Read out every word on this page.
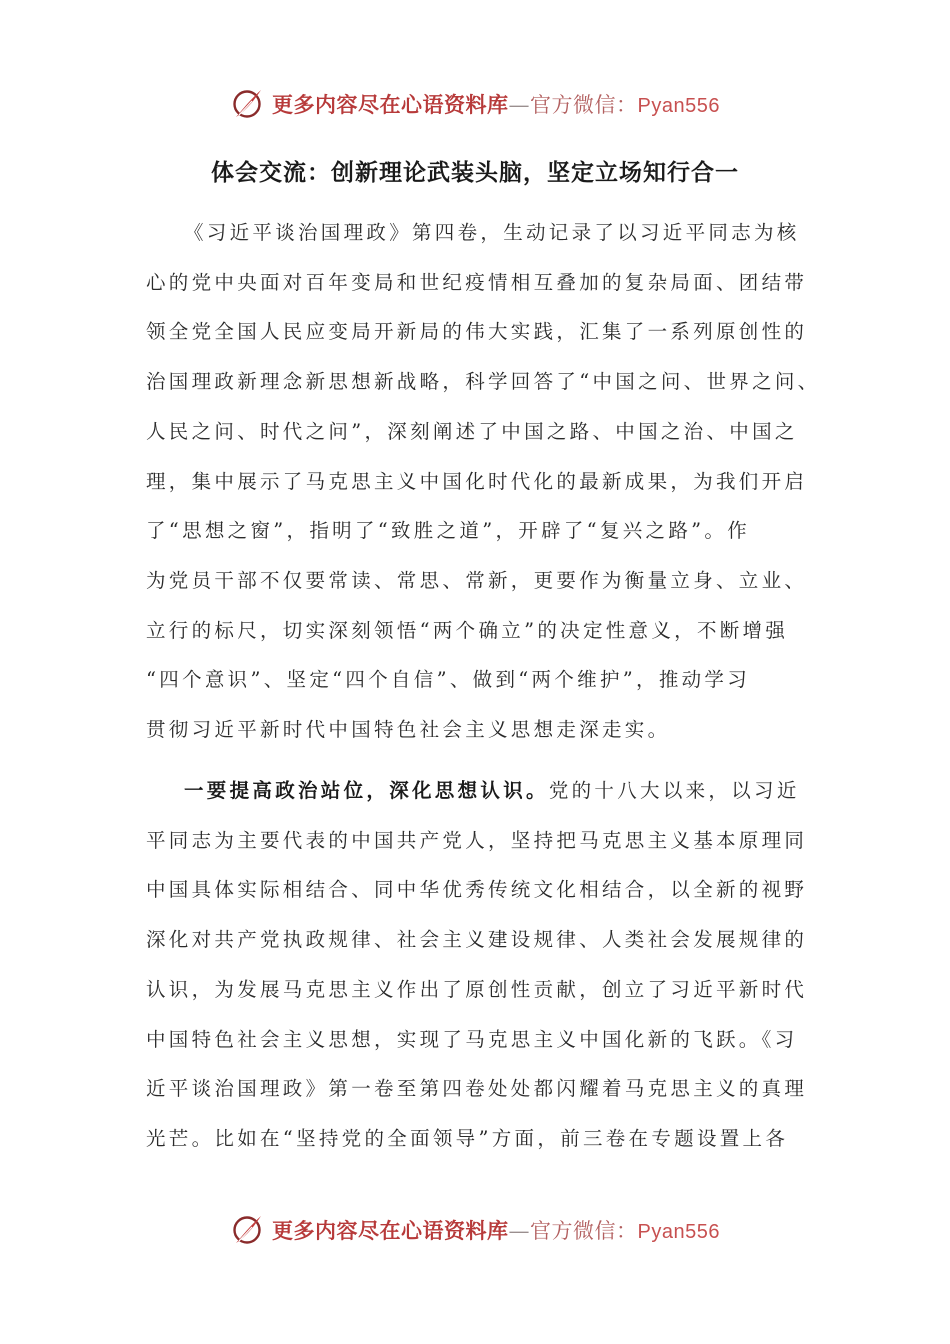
更多内容尽在心语资料库—官方微信：Pyan556
体会交流：创新理论武装头脑，坚定立场知行合一

《习近平谈治国理政》第四卷，生动记录了以习近平同志为核
心的党中央面对百年变局和世纪疫情相互叠加的复杂局面、团结带
领全党全国人民应变局开新局的伟大实践，汇集了一系列原创性的
治国理政新理念新思想新战略，科学回答了“中国之问、世界之问、
人民之问、时代之问”，深刻阐述了中国之路、中国之治、中国之
理，集中展示了马克思主义中国化时代化的最新成果，为我们开启
了“思想之窗”，指明了“致胜之道”，开辟了“复兴之路”。作
为党员干部不仅要常读、常思、常新，更要作为衡量立身、立业、
立行的标尺，切实深刻领悟“两个确立”的决定性意义，不断增强
“四个意识”、坚定“四个自信”、做到“两个维护”，推动学习
贯彻习近平新时代中国特色社会主义思想走深走实。

一要提高政治站位，深化思想认识。党的十八大以来，以习近
平同志为主要代表的中国共产党人，坚持把马克思主义基本原理同
中国具体实际相结合、同中华优秀传统文化相结合，以全新的视野
深化对共产党执政规律、社会主义建设规律、人类社会发展规律的
认识，为发展马克思主义作出了原创性贡献，创立了习近平新时代
中国特色社会主义思想，实现了马克思主义中国化新的飞跃。《习
近平谈治国理政》第一卷至第四卷处处都闪耀着马克思主义的真理
光芒。比如在“坚持党的全面领导”方面，前三卷在专题设置上各

更多内容尽在心语资料库—官方微信：Pyan556
